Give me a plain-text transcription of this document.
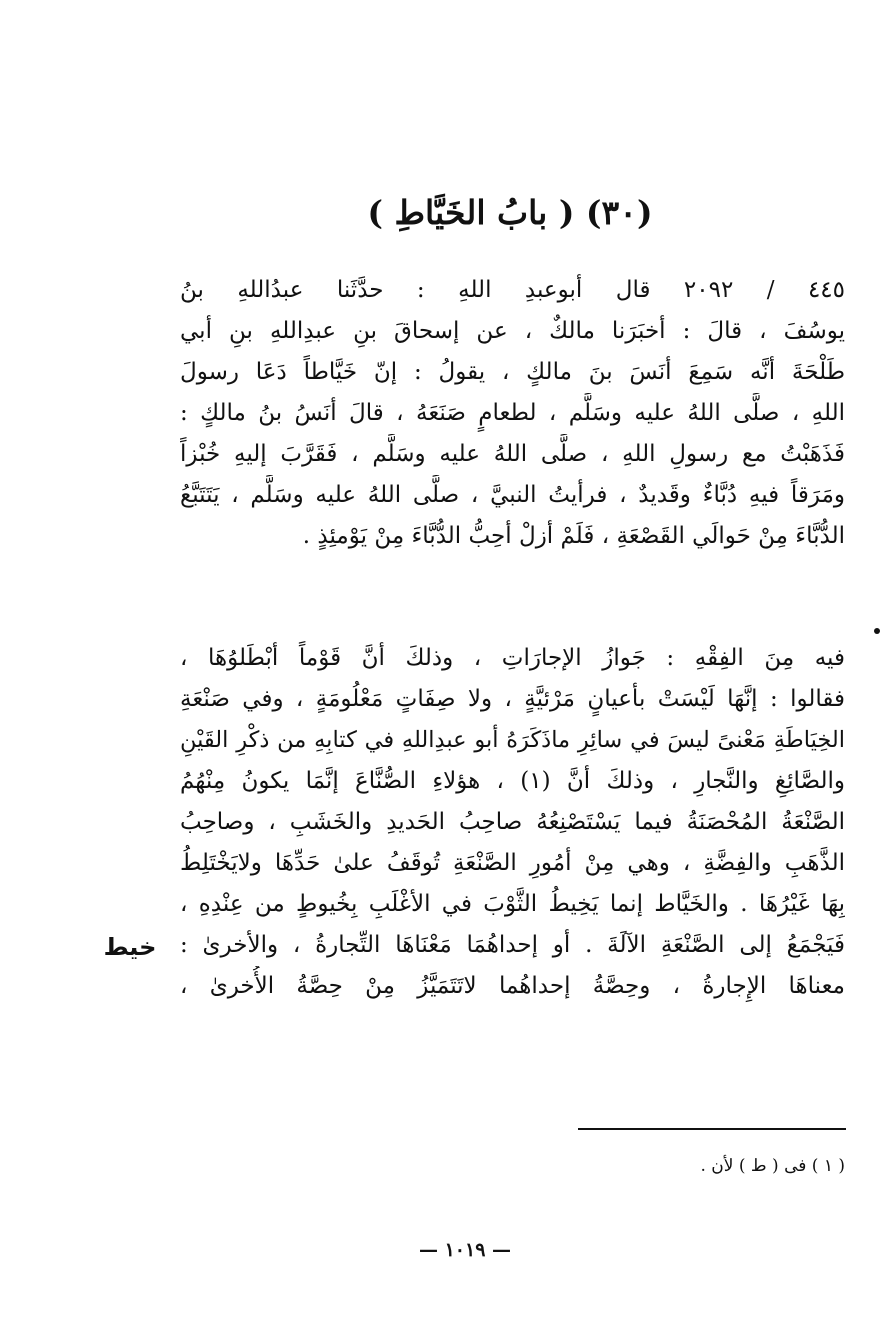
(٣٠) ( بابُ الخَيَّاطِ )
٤٤٥ / ٢٠٩٢ قال أبوعبدِ اللهِ : حدَّثَنا عبدُاللهِ بنُ
يوسُفَ ، قالَ : أخبَرَنا مالكٌ ، عن إسحاقَ بنِ عبدِاللهِ بنِ أبي
طَلْحَةَ أنَّه سَمِعَ أنَسَ بنَ مالكٍ ، يقولُ : إنّ خَيَّاطاً دَعَا رسولَ
اللهِ ، صلَّى اللهُ عليه وسَلَّم ، لطعامٍ صَنَعَهُ ، قالَ أنَسُ بنُ مالكٍ :
فَذَهَبْتُ مع رسولِ اللهِ ، صلَّى اللهُ عليه وسَلَّم ، فَقَرَّبَ إليهِ خُبْزاً
ومَرَقاً فيهِ دُبَّاءٌ وقَديدٌ ، فرأيتُ النبيَّ ، صلَّى اللهُ عليه وسَلَّم ، يَتَتَبَّعُ
الدُّبَّاءَ مِنْ حَوالَي القَصْعَةِ ، فَلَمْ أزلْ أحِبُّ الدُّبَّاءَ مِنْ يَوْمئِذٍ .
فيه مِنَ الفِقْهِ : جَوازُ الإجارَاتِ ، وذلكَ أنَّ قَوْماً أبْطَلوُهَا ،
فقالوا : إنَّهَا لَيْسَتْ بأعيانٍ مَرْئيَّةٍ ، ولا صِفَاتٍ مَعْلُومَةٍ ، وفي صَنْعَةِ
الخِيَاطَةِ مَعْنىً ليسَ في سائِرِ ماذَكَرَهُ أبو عبدِاللهِ في كتابِهِ من ذكْرِ القَيْنِ
والصَّائِغِ والنَّجارِ ، وذلكَ أنَّ (١) ، هؤلاءِ الصُّنَّاعَ إنَّمَا يكونُ مِنْهُمُ
الصَّنْعَةُ المُحْصَنَةُ فيما يَسْتَصْنِعُهُ صاحِبُ الحَديدِ والخَشَبِ ، وصاحِبُ
الذَّهَبِ والفِضَّةِ ، وهي مِنْ أمُورِ الصَّنْعَةِ تُوقَفُ علىٰ حَدِّهَا ولايَخْتَلِطُ
بِهَا غَيْرُهَا . والخَيَّاط إنما يَخِيطُ الثَّوْبَ في الأغْلَبِ بِخُيوطٍ من عِنْدِهِ ،
فَيَجْمَعُ إلى الصَّنْعَةِ الآلَةَ . أو إحداهُمَا مَعْنَاهَا التِّجارةُ ، والأخرىٰ :
معناهَا الإِجارةُ ، وحِصَّةُ إحداهُما لاتَتَمَيَّزُ مِنْ حِصَّةُ الأُخرىٰ ،
خيط
( ١ ) فى ( ط ) لأن .
— ١٠١٩ —
